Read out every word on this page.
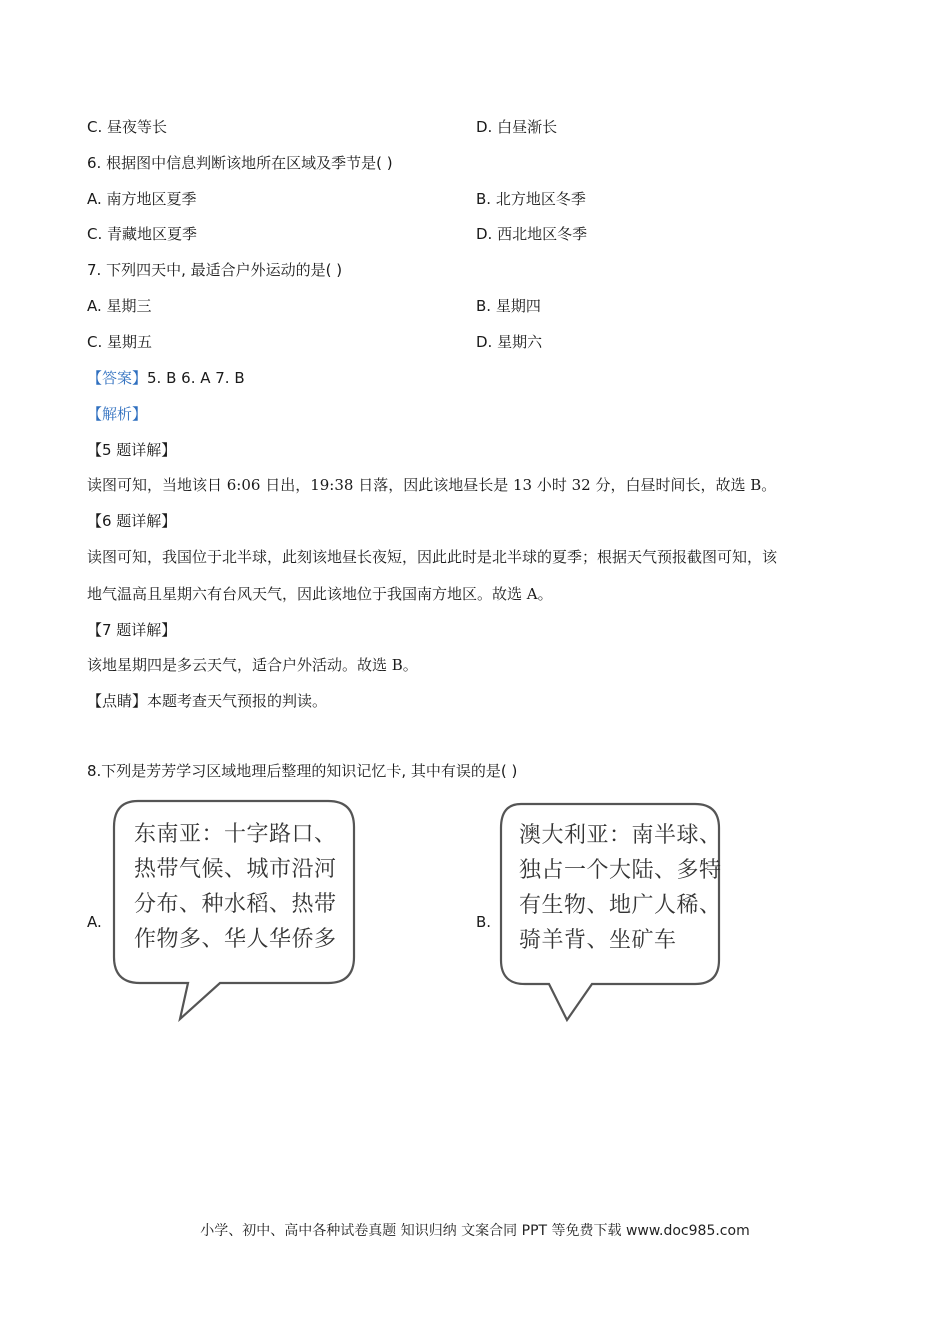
C. 昼夜等长	D. 白昼渐长
6. 根据图中信息判断该地所在区域及季节是( )
A. 南方地区夏季	B. 北方地区冬季
C. 青藏地区夏季	D. 西北地区冬季
7. 下列四天中, 最适合户外运动的是( )
A. 星期三	B. 星期四
C. 星期五	D. 星期六
【答案】5. B 6. A 7. B
【解析】
【5 题详解】
读图可知，当地该日 6:06 日出，19:38 日落，因此该地昼长是 13 小时 32 分，白昼时间长，故选 B。
【6 题详解】
读图可知，我国位于北半球，此刻该地昼长夜短，因此此时是北半球的夏季；根据天气预报截图可知，该
地气温高且星期六有台风天气，因此该地位于我国南方地区。故选 A。
【7 题详解】
该地星期四是多云天气，适合户外活动。故选 B。
【点睛】本题考查天气预报的判读。
8.下列是芳芳学习区域地理后整理的知识记忆卡, 其中有误的是( )
A.
东南亚：十字路口、
热带气候、城市沿河
分布、种水稻、热带
作物多、华人华侨多
B.
澳大利亚：南半球、
独占一个大陆、多特
有生物、地广人稀、
骑羊背、坐矿车
小学、初中、高中各种试卷真题 知识归纳 文案合同 PPT 等免费下载 www.doc985.com
